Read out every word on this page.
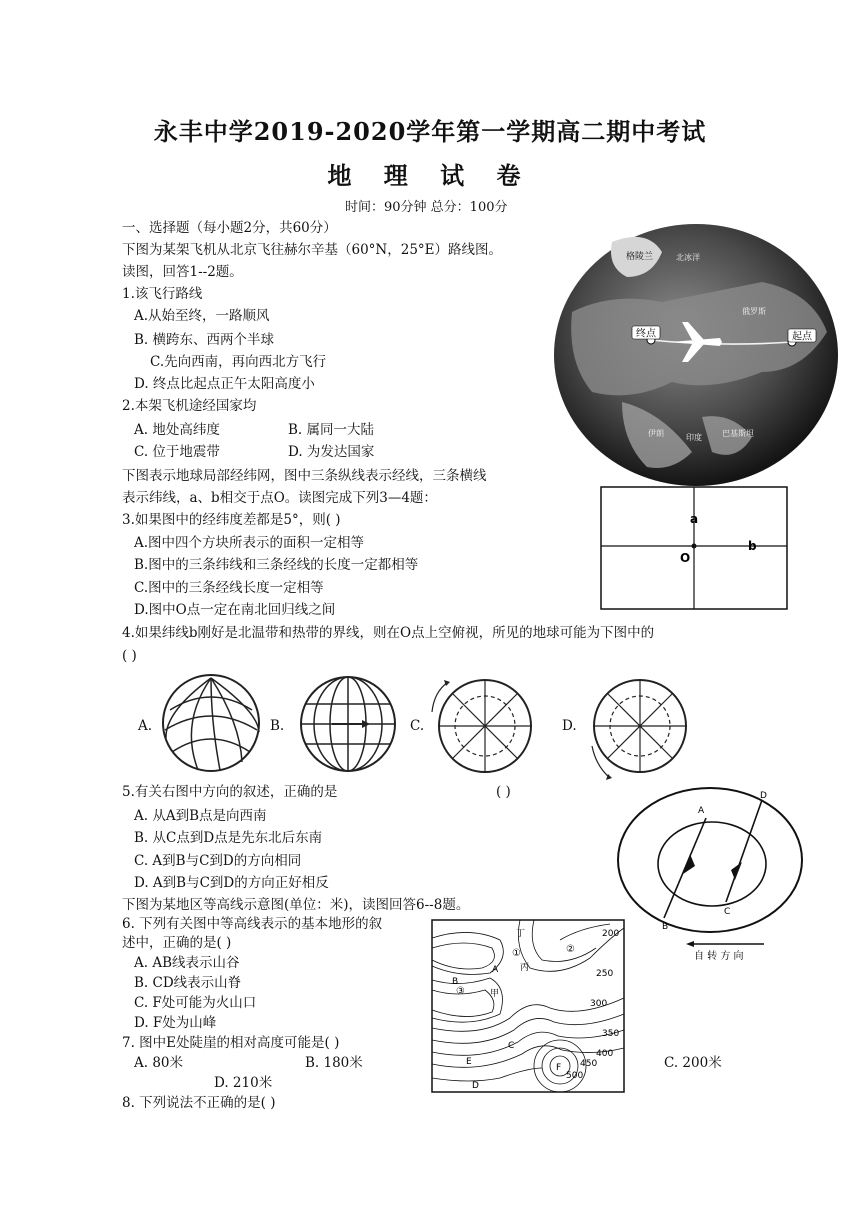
永丰中学2019-2020学年第一学期高二期中考试
地 理 试 卷
时间：90分钟 总分：100分
一、选择题（每小题2分，共60分）
下图为某架飞机从北京飞往赫尔辛基（60°N，25°E）路线图。
读图，回答1--2题。
1.该飞行路线
A.从始至终，一路顺风
B. 横跨东、西两个半球
C.先向西南，再向西北方飞行
D. 终点比起点正午太阳高度小
2.本架飞机途经国家均
A. 地处高纬度	B. 属同一大陆
C. 位于地震带	D. 为发达国家
下图表示地球局部经纬网，图中三条纵线表示经线，三条横线
表示纬线，a、b相交于点O。读图完成下列3—4题：
3.如果图中的经纬度差都是5°，则( )
A.图中四个方块所表示的面积一定相等
B.图中的三条纬线和三条经线的长度一定都相等
C.图中的三条经线长度一定相等
D.图中O点一定在南北回归线之间
4.如果纬线b刚好是北温带和热带的界线，则在O点上空俯视，所见的地球可能为下图中的
( )
A.	B.	C.	D.
5.有关右图中方向的叙述，正确的是	( )
A. 从A到B点是向西南
B. 从C点到D点是先东北后东南
C. A到B与C到D的方向相同
D. A到B与C到D的方向正好相反
下图为某地区等高线示意图(单位：米)，读图回答6--8题。
6. 下列有关图中等高线表示的基本地形的叙
述中，正确的是( )
A. AB线表示山谷
B. CD线表示山脊
C. F处可能为火山口
D. F处为山峰
7. 图中E处陡崖的相对高度可能是( )
A. 80米	B. 180米	C. 200米
D. 210米
8. 下列说法不正确的是( )
终点	起点
格陵兰	北冰洋
俄罗斯
伊朗	印度	巴基斯坦
a
b
O
A
B
C
D
自 转 方 向
F
200
250
300
350
400
450
500
丁
丙
甲
A
B
C
D
E
①	②
③
